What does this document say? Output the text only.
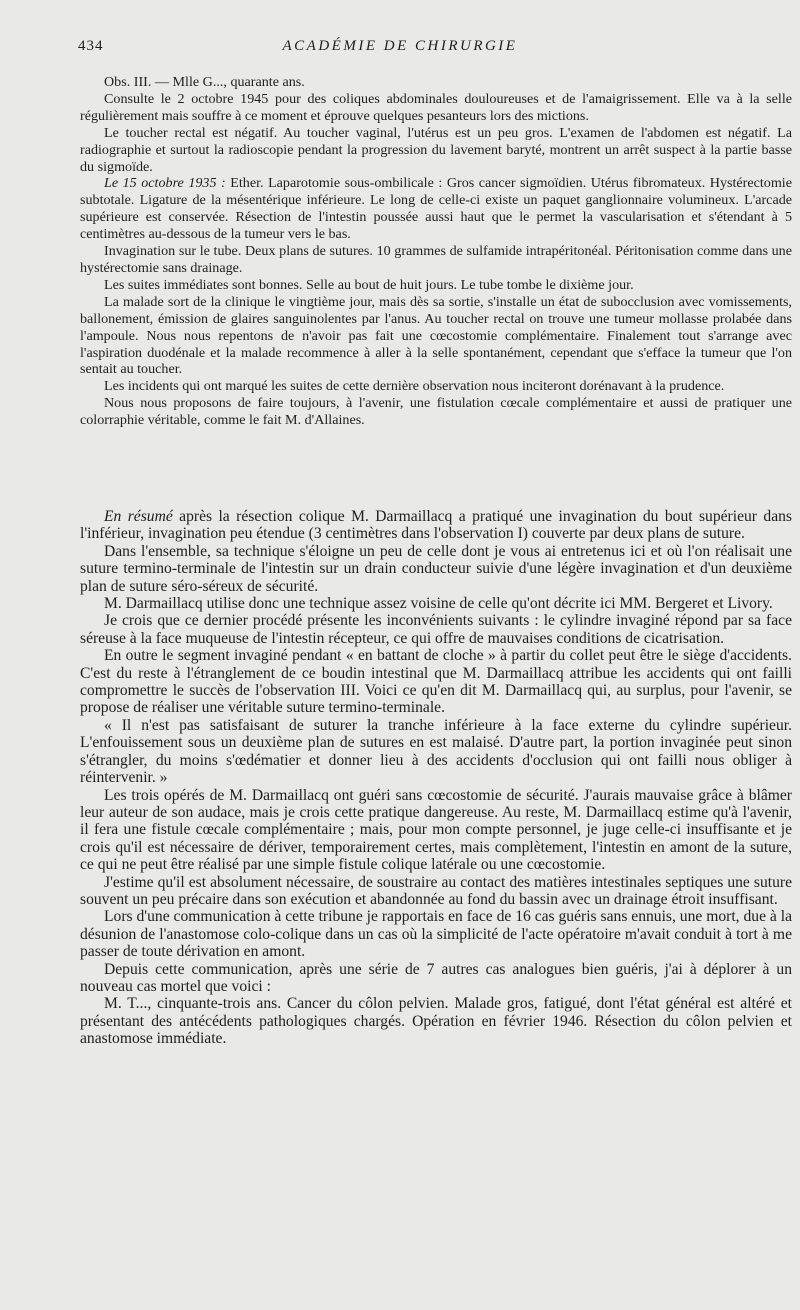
434	ACADÉMIE DE CHIRURGIE

Obs. III. — Mlle G..., quarante ans.

Consulte le 2 octobre 1945 pour des coliques abdominales douloureuses et de l'amaigrissement. Elle va à la selle régulièrement mais souffre à ce moment et éprouve quelques pesanteurs lors des mictions.

Le toucher rectal est négatif. Au toucher vaginal, l'utérus est un peu gros. L'examen de l'abdomen est négatif. La radiographie et surtout la radioscopie pendant la progression du lavement baryté, montrent un arrêt suspect à la partie basse du sigmoïde.

Le 15 octobre 1935 : Ether. Laparotomie sous-ombilicale : Gros cancer sigmoïdien. Utérus fibromateux. Hystérectomie subtotale. Ligature de la mésentérique inférieure. Le long de celle-ci existe un paquet ganglionnaire volumineux. L'arcade supérieure est conservée. Résection de l'intestin poussée aussi haut que le permet la vascularisation et s'étendant à 5 centimètres au-dessous de la tumeur vers le bas.

Invagination sur le tube. Deux plans de sutures. 10 grammes de sulfamide intrapéritonéal. Péritonisation comme dans une hystérectomie sans drainage.

Les suites immédiates sont bonnes. Selle au bout de huit jours. Le tube tombe le dixième jour.

La malade sort de la clinique le vingtième jour, mais dès sa sortie, s'installe un état de subocclusion avec vomissements, ballonement, émission de glaires sanguinolentes par l'anus. Au toucher rectal on trouve une tumeur mollasse prolabée dans l'ampoule. Nous nous repentons de n'avoir pas fait une cœcostomie complémentaire. Finalement tout s'arrange avec l'aspiration duodénale et la malade recommence à aller à la selle spontanément, cependant que s'efface la tumeur que l'on sentait au toucher.

Les incidents qui ont marqué les suites de cette dernière observation nous inciteront dorénavant à la prudence.

Nous nous proposons de faire toujours, à l'avenir, une fistulation cœcale complémentaire et aussi de pratiquer une colorraphie véritable, comme le fait M. d'Allaines.

En résumé après la résection colique M. Darmaillacq a pratiqué une invagination du bout supérieur dans l'inférieur, invagination peu étendue (3 centimètres dans l'observation I) couverte par deux plans de suture.

Dans l'ensemble, sa technique s'éloigne un peu de celle dont je vous ai entretenus ici et où l'on réalisait une suture termino-terminale de l'intestin sur un drain conducteur suivie d'une légère invagination et d'un deuxième plan de suture séro-séreux de sécurité.

M. Darmaillacq utilise donc une technique assez voisine de celle qu'ont décrite ici MM. Bergeret et Livory.

Je crois que ce dernier procédé présente les inconvénients suivants : le cylindre invaginé répond par sa face séreuse à la face muqueuse de l'intestin récepteur, ce qui offre de mauvaises conditions de cicatrisation.

En outre le segment invaginé pendant « en battant de cloche » à partir du collet peut être le siège d'accidents. C'est du reste à l'étranglement de ce boudin intestinal que M. Darmaillacq attribue les accidents qui ont failli compromettre le succès de l'observation III. Voici ce qu'en dit M. Darmaillacq qui, au surplus, pour l'avenir, se propose de réaliser une véritable suture termino-terminale.

« Il n'est pas satisfaisant de suturer la tranche inférieure à la face externe du cylindre supérieur. L'enfouissement sous un deuxième plan de sutures en est malaisé. D'autre part, la portion invaginée peut sinon s'étrangler, du moins s'œdématier et donner lieu à des accidents d'occlusion qui ont failli nous obliger à réintervenir. »

Les trois opérés de M. Darmaillacq ont guéri sans cœcostomie de sécurité. J'aurais mauvaise grâce à blâmer leur auteur de son audace, mais je crois cette pratique dangereuse. Au reste, M. Darmaillacq estime qu'à l'avenir, il fera une fistule cœcale complémentaire ; mais, pour mon compte personnel, je juge celle-ci insuffisante et je crois qu'il est nécessaire de dériver, temporairement certes, mais complètement, l'intestin en amont de la suture, ce qui ne peut être réalisé par une simple fistule colique latérale ou une cœcostomie.

J'estime qu'il est absolument nécessaire, de soustraire au contact des matières intestinales septiques une suture souvent un peu précaire dans son exécution et abandonnée au fond du bassin avec un drainage étroit insuffisant.

Lors d'une communication à cette tribune je rapportais en face de 16 cas guéris sans ennuis, une mort, due à la désunion de l'anastomose colo-colique dans un cas où la simplicité de l'acte opératoire m'avait conduit à tort à me passer de toute dérivation en amont.

Depuis cette communication, après une série de 7 autres cas analogues bien guéris, j'ai à déplorer à un nouveau cas mortel que voici :

M. T..., cinquante-trois ans. Cancer du côlon pelvien. Malade gros, fatigué, dont l'état général est altéré et présentant des antécédents pathologiques chargés. Opération en février 1946. Résection du côlon pelvien et anastomose immédiate.
